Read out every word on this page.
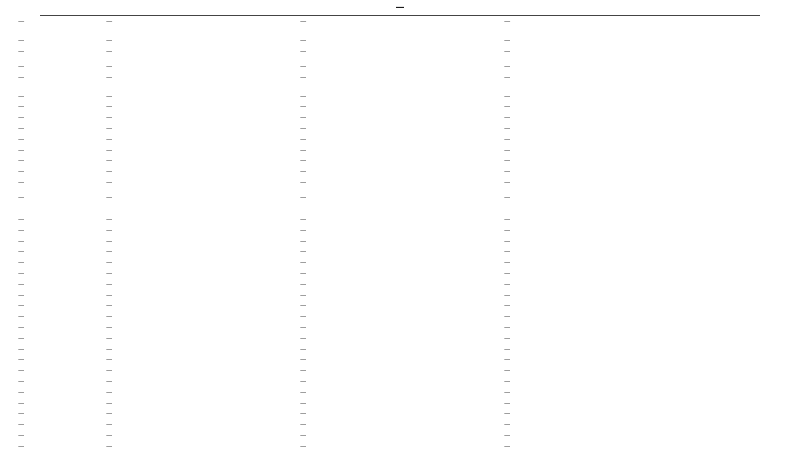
—
—	—	—	—
—	—	—	—
—	—	—	—
—	—	—	—
—	—	—	—
—	—	—	—
—	—	—	—
—	—	—	—
—	—	—	—
—	—	—	—
—	—	—	—
—	—	—	—
—	—	—	—
—	—	—	—
—	—	—	—
—	—	—	—
—	—	—	—
—	—	—	—
—	—	—	—
—	—	—	—
—	—	—	—
—	—	—	—
—	—	—	—
—	—	—	—
—	—	—	—
—	—	—	—
—	—	—	—
—	—	—	—
—	—	—	—
—	—	—	—
—	—	—	—
—	—	—	—
—	—	—	—
—	—	—	—
—	—	—	—
—	—	—	—
—	—	—	—
